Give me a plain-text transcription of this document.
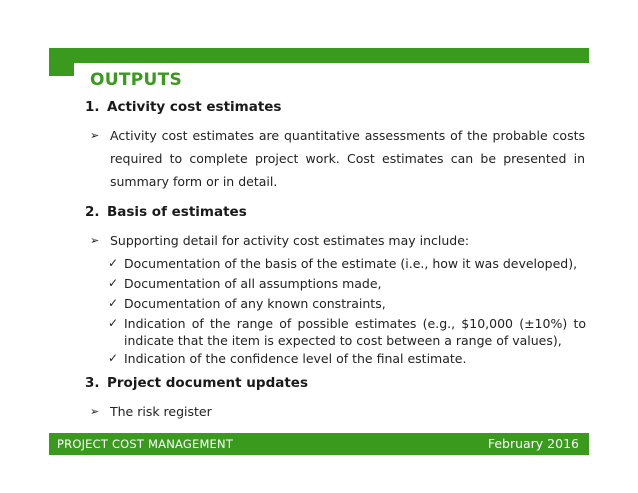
OUTPUTS
1. Activity cost estimates
➢ Activity cost estimates are quantitative assessments of the probable costs required to complete project work. Cost estimates can be presented in summary form or in detail.
2. Basis of estimates
➢ Supporting detail for activity cost estimates may include:
✓ Documentation of the basis of the estimate (i.e., how it was developed),
✓ Documentation of all assumptions made,
✓ Documentation of any known constraints,
✓ Indication of the range of possible estimates (e.g., $10,000 (±10%) to indicate that the item is expected to cost between a range of values),
✓ Indication of the confidence level of the final estimate.
3. Project document updates
➢ The risk register
PROJECT COST MANAGEMENT	February 2016
